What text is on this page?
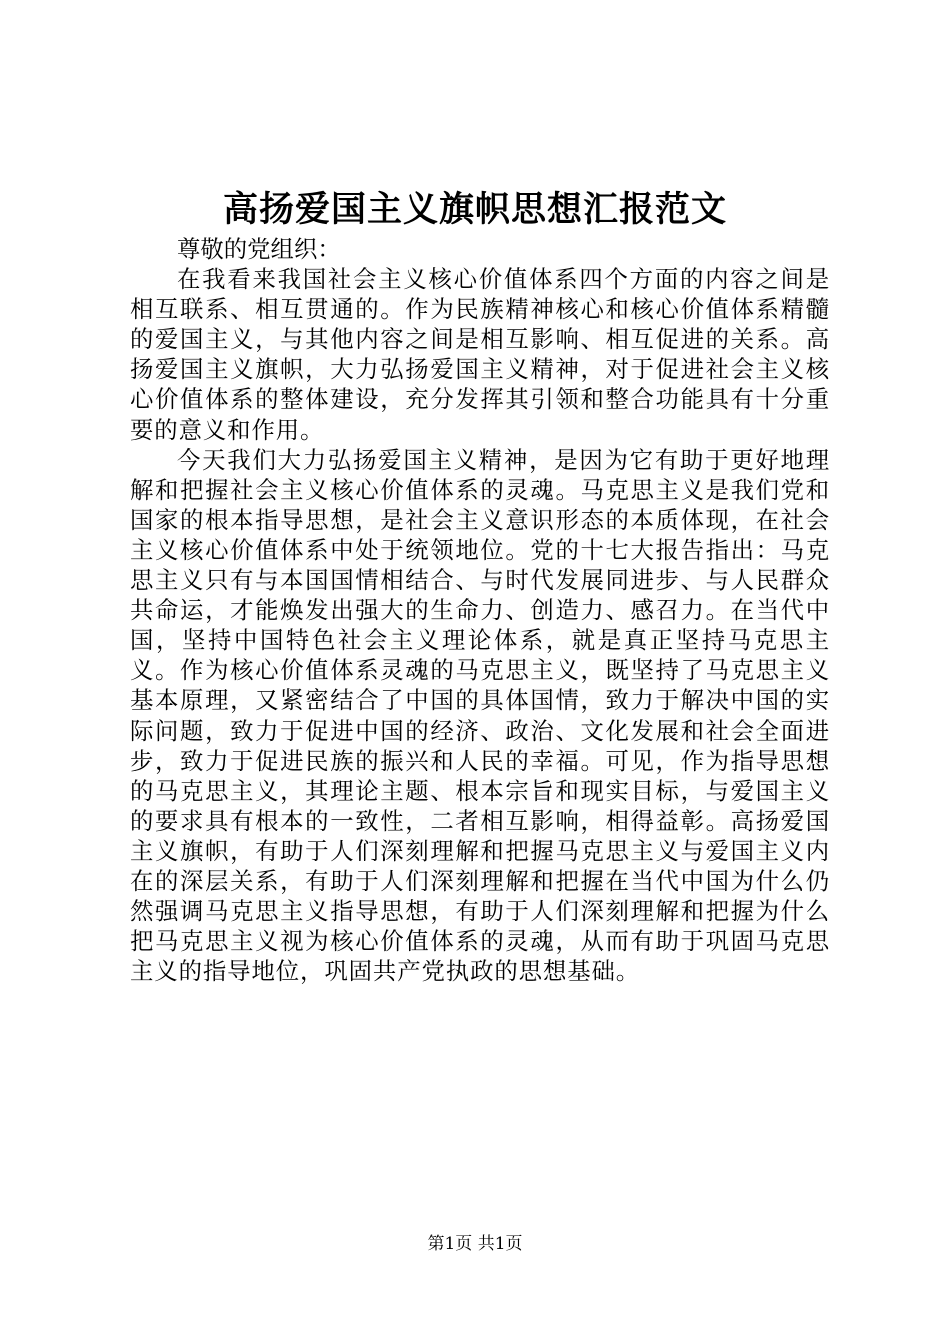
高扬爱国主义旗帜思想汇报范文

尊敬的党组织：

在我看来我国社会主义核心价值体系四个方面的内容之间是相互联系、相互贯通的。作为民族精神核心和核心价值体系精髓的爱国主义，与其他内容之间是相互影响、相互促进的关系。高扬爱国主义旗帜，大力弘扬爱国主义精神，对于促进社会主义核心价值体系的整体建设，充分发挥其引领和整合功能具有十分重要的意义和作用。

今天我们大力弘扬爱国主义精神，是因为它有助于更好地理解和把握社会主义核心价值体系的灵魂。马克思主义是我们党和国家的根本指导思想，是社会主义意识形态的本质体现，在社会主义核心价值体系中处于统领地位。党的十七大报告指出：马克思主义只有与本国国情相结合、与时代发展同进步、与人民群众共命运，才能焕发出强大的生命力、创造力、感召力。在当代中国，坚持中国特色社会主义理论体系，就是真正坚持马克思主义。作为核心价值体系灵魂的马克思主义，既坚持了马克思主义基本原理，又紧密结合了中国的具体国情，致力于解决中国的实际问题，致力于促进中国的经济、政治、文化发展和社会全面进步，致力于促进民族的振兴和人民的幸福。可见，作为指导思想的马克思主义，其理论主题、根本宗旨和现实目标，与爱国主义的要求具有根本的一致性，二者相互影响，相得益彰。高扬爱国主义旗帜，有助于人们深刻理解和把握马克思主义与爱国主义内在的深层关系，有助于人们深刻理解和把握在当代中国为什么仍然强调马克思主义指导思想，有助于人们深刻理解和把握为什么把马克思主义视为核心价值体系的灵魂，从而有助于巩固马克思主义的指导地位，巩固共产党执政的思想基础。

第1页 共1页
